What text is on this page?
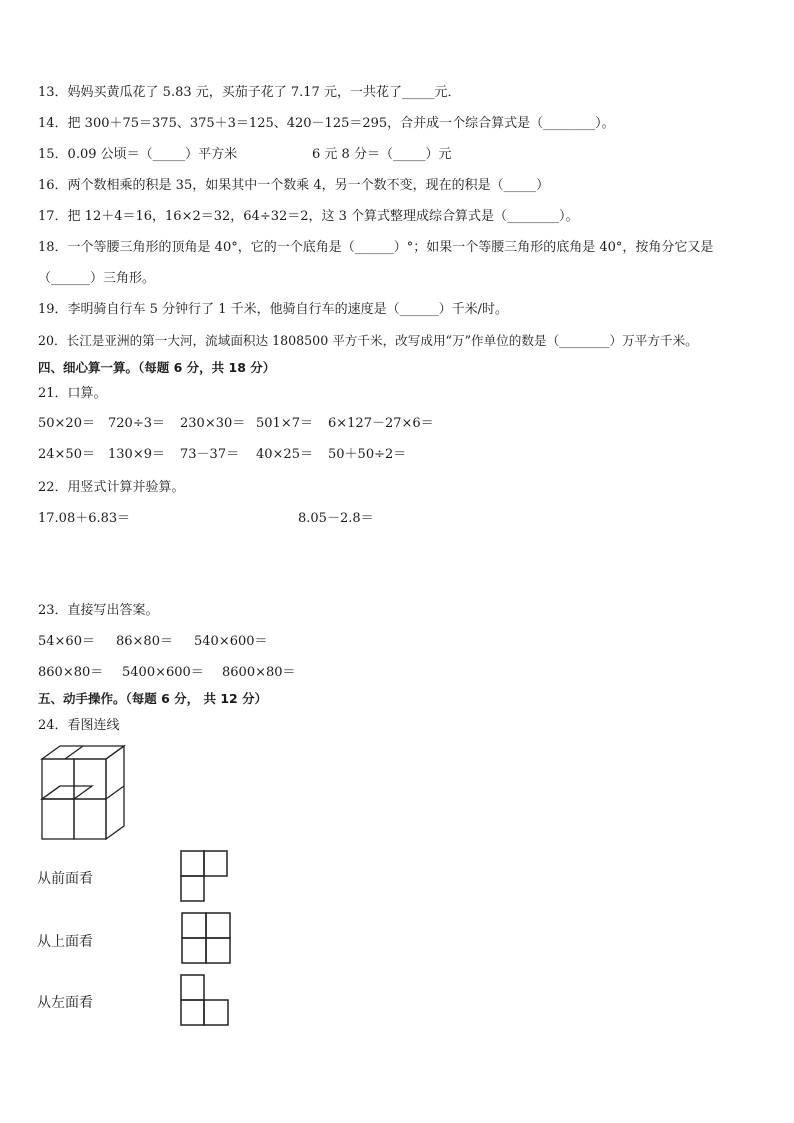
13．妈妈买黄瓜花了 5.83 元，买茄子花了 7.17 元，一共花了_____元．
14．把 300＋75＝375、375＋3＝125、420－125＝295，合并成一个综合算式是（________）。
15．0.09 公顷＝（_____）平方米	6 元 8 分＝（_____）元
16．两个数相乘的积是 35，如果其中一个数乘 4，另一个数不变，现在的积是（_____）
17．把 12＋4＝16，16×2＝32，64÷32＝2，这 3 个算式整理成综合算式是（________）。
18．一个等腰三角形的顶角是 40°，它的一个底角是（______）°；如果一个等腰三角形的底角是 40°，按角分它又是
（______）三角形。
19．李明骑自行车 5 分钟行了 1 千米，他骑自行车的速度是（______）千米/时。
20．长江是亚洲的第一大河，流域面积达 1808500 平方千米，改写成用“万”作单位的数是（________）万平方千米。
四、细心算一算。（每题 6 分，共 18 分）
21．口算。
50×20＝ 720÷3＝ 230×30＝ 501×7＝ 6×127－27×6＝
24×50＝ 130×9＝ 73－37＝ 40×25＝ 50＋50÷2＝
22．用竖式计算并验算。
17.08＋6.83＝	8.05－2.8＝
23．直接写出答案。
54×60＝ 86×80＝ 540×600＝
860×80＝ 5400×600＝ 8600×80＝
五、动手操作。（每题 6 分， 共 12 分）
24．看图连线
从前面看
从上面看
从左面看
